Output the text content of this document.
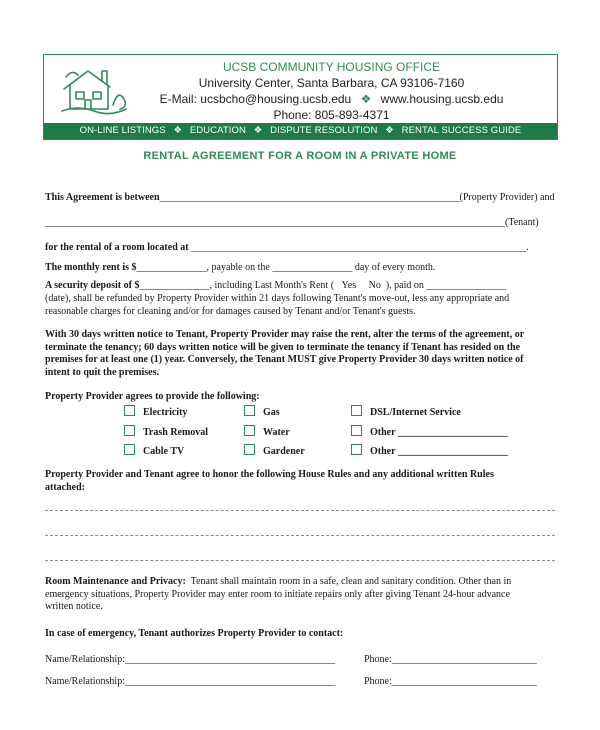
UCSB COMMUNITY HOUSING OFFICE
University Center, Santa Barbara, CA 93106-7160
E-Mail: ucsbcho@housing.ucsb.edu ❖ www.housing.ucsb.edu
Phone: 805-893-4371
ON-LINE LISTINGS ❖ EDUCATION ❖ DISPUTE RESOLUTION ❖ RENTAL SUCCESS GUIDE
RENTAL AGREEMENT FOR A ROOM IN A PRIVATE HOME
This Agreement is between____________________________________________________________(Property Provider) and
____________________________________________________________________________________________(Tenant)
for the rental of a room located at ___________________________________________________________________.
The monthly rent is $______________, payable on the ________________ day of every month.
A security deposit of $______________, including Last Month's Rent ( Yes No ), paid on ________________
(date), shall be refunded by Property Provider within 21 days following Tenant's move-out, less any appropriate and
reasonable charges for cleaning and/or for damages caused by Tenant and/or Tenant's guests.
With 30 days written notice to Tenant, Property Provider may raise the rent, alter the terms of the agreement, or
terminate the tenancy; 60 days written notice will be given to terminate the tenancy if Tenant has resided on the
premises for at least one (1) year. Conversely, the Tenant MUST give Property Provider 30 days written notice of
intent to quit the premises.
Property Provider agrees to provide the following:
Electricity	Gas	DSL/Internet Service
Trash Removal	Water	Other ______________________
Cable TV	Gardener	Other ______________________
Property Provider and Tenant agree to honor the following House Rules and any additional written Rules
attached:
Room Maintenance and Privacy: Tenant shall maintain room in a safe, clean and sanitary condition. Other than in
emergency situations, Property Provider may enter room to initiate repairs only after giving Tenant 24-hour advance
written notice.
In case of emergency, Tenant authorizes Property Provider to contact:
Name/Relationship:__________________________________________	Phone:_____________________________
Name/Relationship:__________________________________________	Phone:_____________________________
